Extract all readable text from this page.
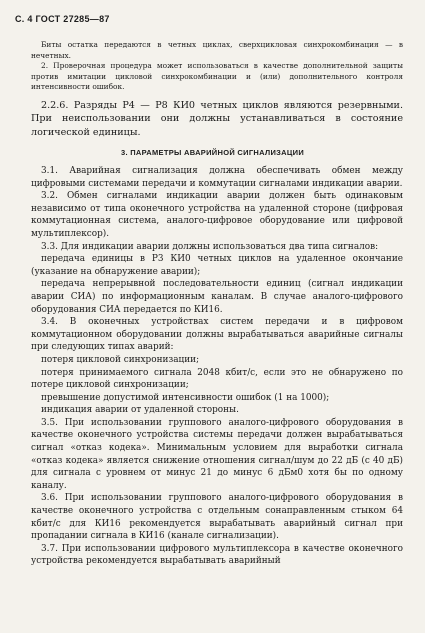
С. 4 ГОСТ 27285—87

Биты остатка передаются в четных циклах, сверхцикловая синхрокомбинация — в нечетных.

2. Проверочная процедура может использоваться в качестве дополнительной защиты против имитации цикловой синхрокомбинации и (или) дополнительного контроля интенсивности ошибок.

2.2.6. Разряды Р4 — Р8 КИ0 четных циклов являются резервными. При неиспользовании они должны устанавливаться в состояние логической единицы.

3. ПАРАМЕТРЫ АВАРИЙНОЙ СИГНАЛИЗАЦИИ

3.1. Аварийная сигнализация должна обеспечивать обмен между цифровыми системами передачи и коммутации сигналами индикации аварии.

3.2. Обмен сигналами индикации аварии должен быть одинаковым независимо от типа оконечного устройства на удаленной стороне (цифровая коммутационная система, аналого-цифровое оборудование или цифровой мультиплексор).

3.3. Для индикации аварии должны использоваться два типа сигналов:

передача единицы в Р3 КИ0 четных циклов на удаленное окончание (указание на обнаружение аварии);

передача непрерывной последовательности единиц (сигнал индикации аварии СИА) по информационным каналам. В случае аналого-цифрового оборудования СИА передается по КИ16.

3.4. В оконечных устройствах систем передачи и в цифровом коммутационном оборудовании должны вырабатываться аварийные сигналы при следующих типах аварий:

потеря цикловой синхронизации;

потеря принимаемого сигнала 2048 кбит/с, если это не обнаружено по потере цикловой синхронизации;

превышение допустимой интенсивности ошибок (1 на 1000);

индикация аварии от удаленной стороны.

3.5. При использовании группового аналого-цифрового оборудования в качестве оконечного устройства системы передачи должен вырабатываться сигнал «отказ кодека». Минимальным условием для выработки сигнала «отказ кодека» является снижение отношения сигнал/шум до 22 дБ (с 40 дБ) для сигнала с уровнем от минус 21 до минус 6 дБм0 хотя бы по одному каналу.

3.6. При использовании группового аналого-цифрового оборудования в качестве оконечного устройства с отдельным сонаправленным стыком 64 кбит/с для КИ16 рекомендуется вырабатывать аварийный сигнал при пропадании сигнала в КИ16 (канале сигнализации).

3.7. При использовании цифрового мультиплексора в качестве оконечного устройства рекомендуется вырабатывать аварийный
